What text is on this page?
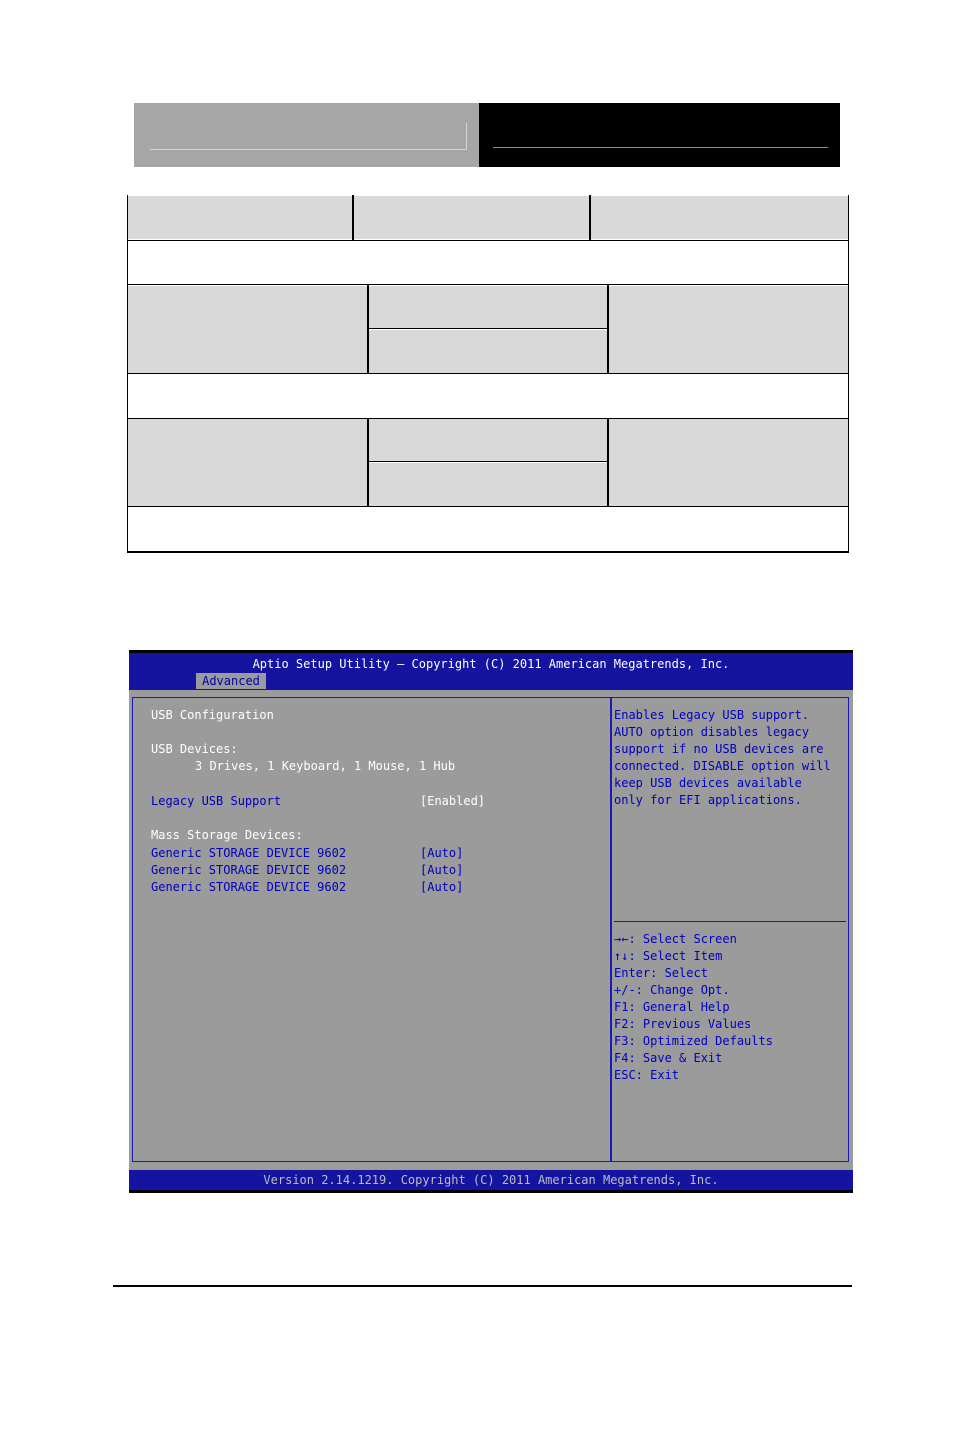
Aptio Setup Utility – Copyright (C) 2011 American Megatrends, Inc.
Advanced
USB Configuration
USB Devices:
3 Drives, 1 Keyboard, 1 Mouse, 1 Hub
Legacy USB Support	[Enabled]
Mass Storage Devices:
Generic STORAGE DEVICE 9602	[Auto]
Generic STORAGE DEVICE 9602	[Auto]
Generic STORAGE DEVICE 9602	[Auto]
Enables Legacy USB support.
AUTO option disables legacy
support if no USB devices are
connected. DISABLE option will
keep USB devices available
only for EFI applications.
→←: Select Screen
↑↓: Select Item
Enter: Select
+/-: Change Opt.
F1: General Help
F2: Previous Values
F3: Optimized Defaults
F4: Save & Exit
ESC: Exit
Version 2.14.1219. Copyright (C) 2011 American Megatrends, Inc.
